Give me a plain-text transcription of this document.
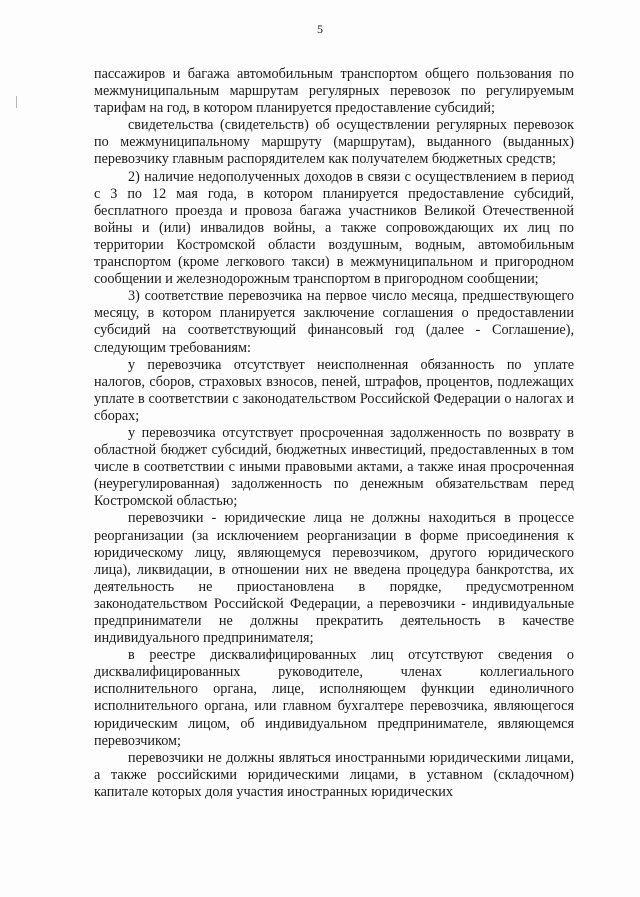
5

пассажиров и багажа автомобильным транспортом общего пользования по межмуниципальным маршрутам регулярных перевозок по регулируемым тарифам на год, в котором планируется предоставление субсидий;

свидетельства (свидетельств) об осуществлении регулярных перевозок по межмуниципальному маршруту (маршрутам), выданного (выданных) перевозчику главным распорядителем как получателем бюджетных средств;

2) наличие недополученных доходов в связи с осуществлением в период с 3 по 12 мая года, в котором планируется предоставление субсидий, бесплатного проезда и провоза багажа участников Великой Отечественной войны и (или) инвалидов войны, а также сопровождающих их лиц по территории Костромской области воздушным, водным, автомобильным транспортом (кроме легкового такси) в межмуниципальном и пригородном сообщении и железнодорожным транспортом в пригородном сообщении;

3) соответствие перевозчика на первое число месяца, предшествующего месяцу, в котором планируется заключение соглашения о предоставлении субсидий на соответствующий финансовый год (далее - Соглашение), следующим требованиям:

у перевозчика отсутствует неисполненная обязанность по уплате налогов, сборов, страховых взносов, пеней, штрафов, процентов, подлежащих уплате в соответствии с законодательством Российской Федерации о налогах и сборах;

у перевозчика отсутствует просроченная задолженность по возврату в областной бюджет субсидий, бюджетных инвестиций, предоставленных в том числе в соответствии с иными правовыми актами, а также иная просроченная (неурегулированная) задолженность по денежным обязательствам перед Костромской областью;

перевозчики - юридические лица не должны находиться в процессе реорганизации (за исключением реорганизации в форме присоединения к юридическому лицу, являющемуся перевозчиком, другого юридического лица), ликвидации, в отношении них не введена процедура банкротства, их деятельность не приостановлена в порядке, предусмотренном законодательством Российской Федерации, а перевозчики - индивидуальные предприниматели не должны прекратить деятельность в качестве индивидуального предпринимателя;

в реестре дисквалифицированных лиц отсутствуют сведения о дисквалифицированных руководителе, членах коллегиального исполнительного органа, лице, исполняющем функции единоличного исполнительного органа, или главном бухгалтере перевозчика, являющегося юридическим лицом, об индивидуальном предпринимателе, являющемся перевозчиком;

перевозчики не должны являться иностранными юридическими лицами, а также российскими юридическими лицами, в уставном (складочном) капитале которых доля участия иностранных юридических
